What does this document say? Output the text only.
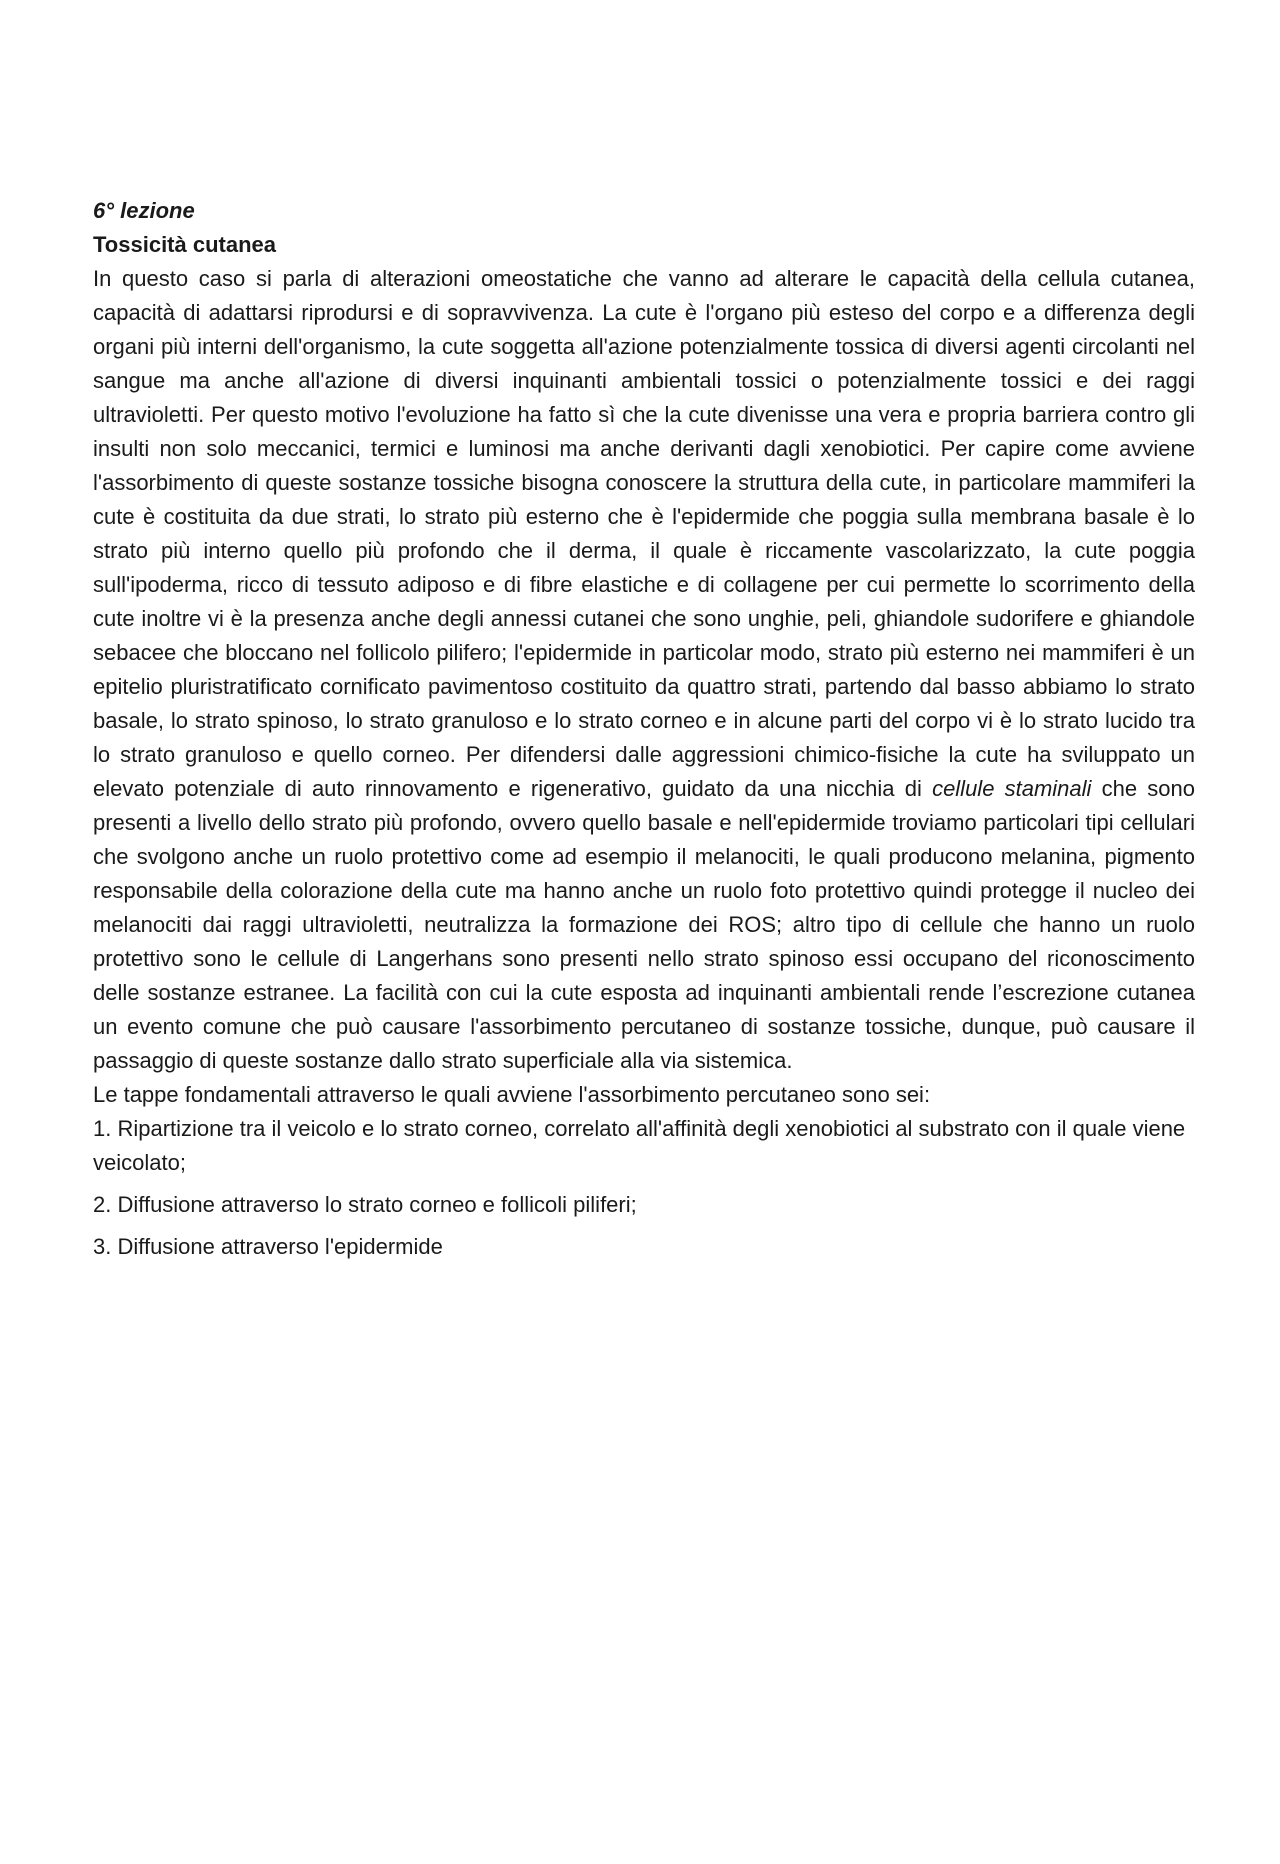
6° lezione

Tossicità cutanea

In questo caso si parla di alterazioni omeostatiche che vanno ad alterare le capacità della cellula cutanea, capacità di adattarsi riprodursi e di sopravvivenza. La cute è l'organo più esteso del corpo e a differenza degli organi più interni dell'organismo, la cute soggetta all'azione potenzialmente tossica di diversi agenti circolanti nel sangue ma anche all'azione di diversi inquinanti ambientali tossici o potenzialmente tossici e dei raggi ultravioletti. Per questo motivo l'evoluzione ha fatto sì che la cute divenisse una vera e propria barriera contro gli insulti non solo meccanici, termici e luminosi ma anche derivanti dagli xenobiotici. Per capire come avviene l'assorbimento di queste sostanze tossiche bisogna conoscere la struttura della cute, in particolare mammiferi la cute è costituita da due strati, lo strato più esterno che è l'epidermide che poggia sulla membrana basale è lo strato più interno quello più profondo che il derma, il quale è riccamente vascolarizzato, la cute poggia sull'ipoderma, ricco di tessuto adiposo e di fibre elastiche e di collagene per cui permette lo scorrimento della cute inoltre vi è la presenza anche degli annessi cutanei che sono unghie, peli, ghiandole sudorifere e ghiandole sebacee che bloccano nel follicolo pilifero; l'epidermide in particolar modo, strato più esterno nei mammiferi è un epitelio pluristratificato cornificato pavimentoso costituito da quattro strati, partendo dal basso abbiamo lo strato basale, lo strato spinoso, lo strato granuloso e lo strato corneo e in alcune parti del corpo vi è lo strato lucido tra lo strato granuloso e quello corneo. Per difendersi dalle aggressioni chimico-fisiche la cute ha sviluppato un elevato potenziale di auto rinnovamento e rigenerativo, guidato da una nicchia di cellule staminali che sono presenti a livello dello strato più profondo, ovvero quello basale e nell'epidermide troviamo particolari tipi cellulari che svolgono anche un ruolo protettivo come ad esempio il melanociti, le quali producono melanina, pigmento responsabile della colorazione della cute ma hanno anche un ruolo foto protettivo quindi protegge il nucleo dei melanociti dai raggi ultravioletti, neutralizza la formazione dei ROS; altro tipo di cellule che hanno un ruolo protettivo sono le cellule di Langerhans sono presenti nello strato spinoso essi occupano del riconoscimento delle sostanze estranee. La facilità con cui la cute esposta ad inquinanti ambientali rende l’escrezione cutanea un evento comune che può causare l'assorbimento percutaneo di sostanze tossiche, dunque, può causare il passaggio di queste sostanze dallo strato superficiale alla via sistemica.

Le tappe fondamentali attraverso le quali avviene l'assorbimento percutaneo sono sei:

1. Ripartizione tra il veicolo e lo strato corneo, correlato all'affinità degli xenobiotici al substrato con il quale viene veicolato;
2. Diffusione attraverso lo strato corneo e follicoli piliferi;
3. Diffusione attraverso l'epidermide
